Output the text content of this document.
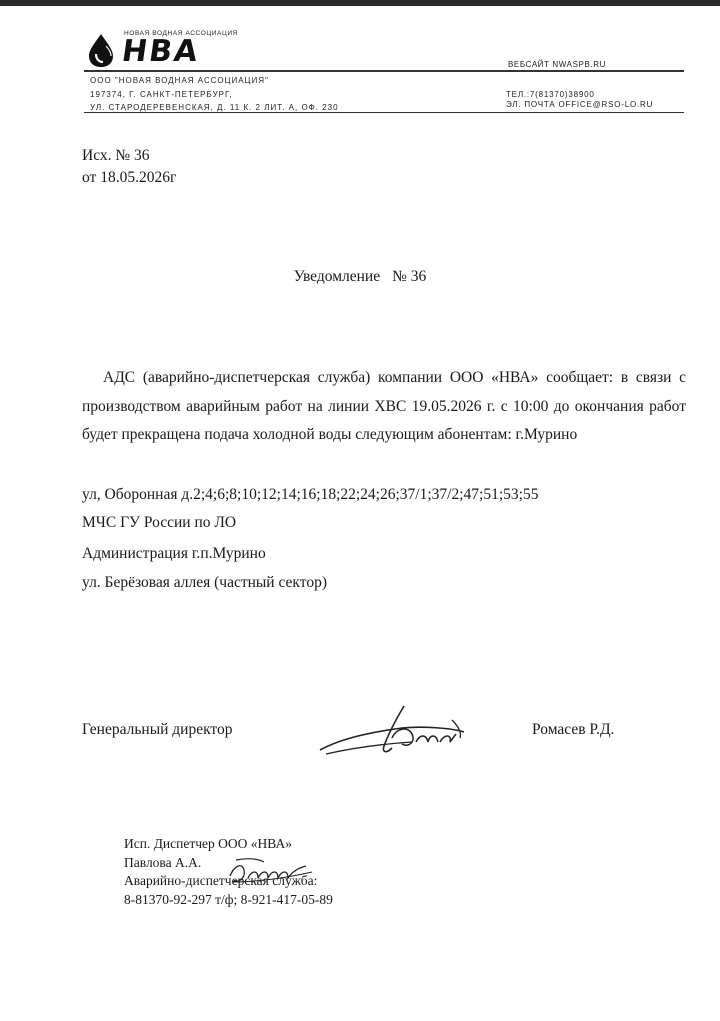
НОВАЯ ВОДНАЯ АССОЦИАЦИЯ
НВА	ВЕБСАЙТ NWASPB.RU
ООО "НОВАЯ ВОДНАЯ АССОЦИАЦИЯ"
197374, Г. САНКТ-ПЕТЕРБУРГ,
УЛ. СТАРОДЕРЕВЕНСКАЯ, Д. 11 К. 2 ЛИТ. А, ОФ. 230
ТЕЛ.:7(81370)38900
ЭЛ. ПОЧТА OFFICE@RSO-LO.RU
Исх. № 36
от 18.05.2026г
Уведомление № 36

АДС (аварийно-диспетчерская служба) компании ООО «НВА» сообщает: в связи с производством аварийным работ на линии ХВС 19.05.2026 г. с 10:00 до окончания работ будет прекращена подача холодной воды следующим абонентам: г.Мурино

ул, Оборонная д.2;4;6;8;10;12;14;16;18;22;24;26;37/1;37/2;47;51;53;55
МЧС ГУ России по ЛО
Администрация г.п.Мурино
ул. Берёзовая аллея (частный сектор)
Генеральный директор	Ромасев Р.Д.
Исп. Диспетчер ООО «НВА»
Павлова А.А.
Аварийно-диспетчерская служба:
8-81370-92-297 т/ф; 8-921-417-05-89
